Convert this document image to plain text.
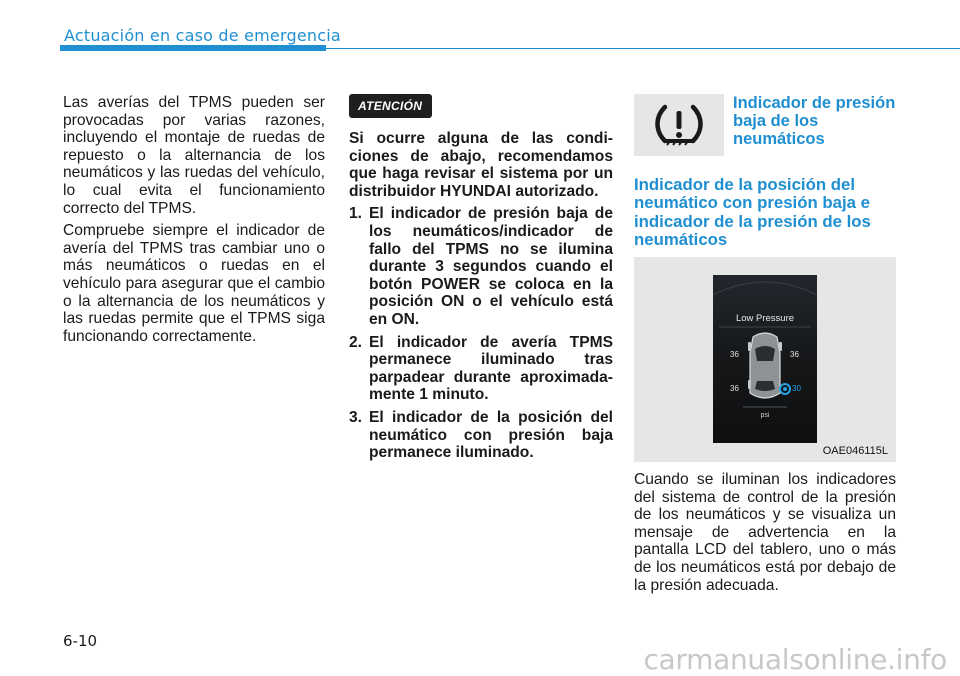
Actuación en caso de emergencia

Las averías del TPMS pueden ser provocadas por varias razones, incluyendo el montaje de ruedas de repuesto o la alternancia de los neumáticos y las ruedas del vehículo, lo cual evita el funcionamiento correcto del TPMS.

Compruebe siempre el indicador de avería del TPMS tras cambiar uno o más neumáticos o ruedas en el vehículo para asegurar que el cambio o la alternancia de los neumáticos y las ruedas permite que el TPMS siga funcionando correctamente.

ATENCIÓN

Si ocurre alguna de las condi-ciones de abajo, recomendamos que haga revisar el sistema por un distribuidor HYUNDAI autorizado.

1. El indicador de presión baja de los neumáticos/indicador de fallo del TPMS no se ilumina durante 3 segundos cuando el botón POWER se coloca en la posición ON o el vehículo está en ON.
2. El indicador de avería TPMS permanece iluminado tras parpadear durante aproximada-mente 1 minuto.
3. El indicador de la posición del neumático con presión baja permanece iluminado.
Indicador de presión baja de los neumáticos
Indicador de la posición del neumático con presión baja e indicador de la presión de los neumáticos
Low Pressure
36	36
36	30
psi
OAE046115L

Cuando se iluminan los indicadores del sistema de control de la presión de los neumáticos y se visualiza un mensaje de advertencia en la pantalla LCD del tablero, uno o más de los neumáticos está por debajo de la presión adecuada.

6-10
carmanualsonline.info
